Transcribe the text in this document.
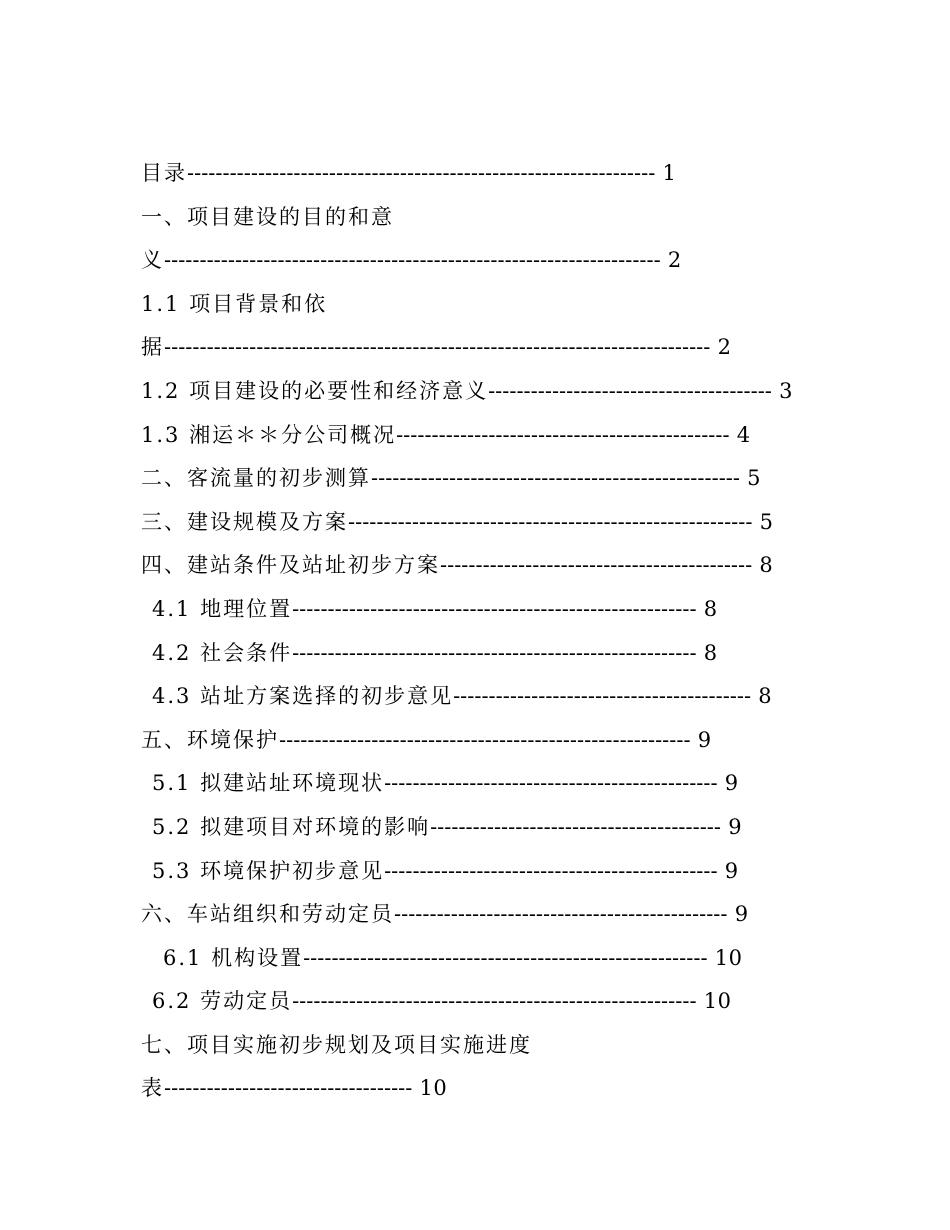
目录------------------------------------------------------------------ 1
一、项目建设的目的和意
义---------------------------------------------------------------------- 2
1.1 项目背景和依
据----------------------------------------------------------------------------- 2
1.2 项目建设的必要性和经济意义---------------------------------------- 3
1.3 湘运＊＊分公司概况----------------------------------------------- 4
二、客流量的初步测算---------------------------------------------------- 5
三、建设规模及方案--------------------------------------------------------- 5
四、建站条件及站址初步方案-------------------------------------------- 8
4.1 地理位置--------------------------------------------------------- 8
4.2 社会条件--------------------------------------------------------- 8
4.3 站址方案选择的初步意见------------------------------------------ 8
五、环境保护---------------------------------------------------------- 9
5.1 拟建站址环境现状----------------------------------------------- 9
5.2 拟建项目对环境的影响----------------------------------------- 9
5.3 环境保护初步意见----------------------------------------------- 9
六、车站组织和劳动定员----------------------------------------------- 9
6.1 机构设置--------------------------------------------------------- 10
6.2 劳动定员--------------------------------------------------------- 10
七、项目实施初步规划及项目实施进度
表----------------------------------- 10
